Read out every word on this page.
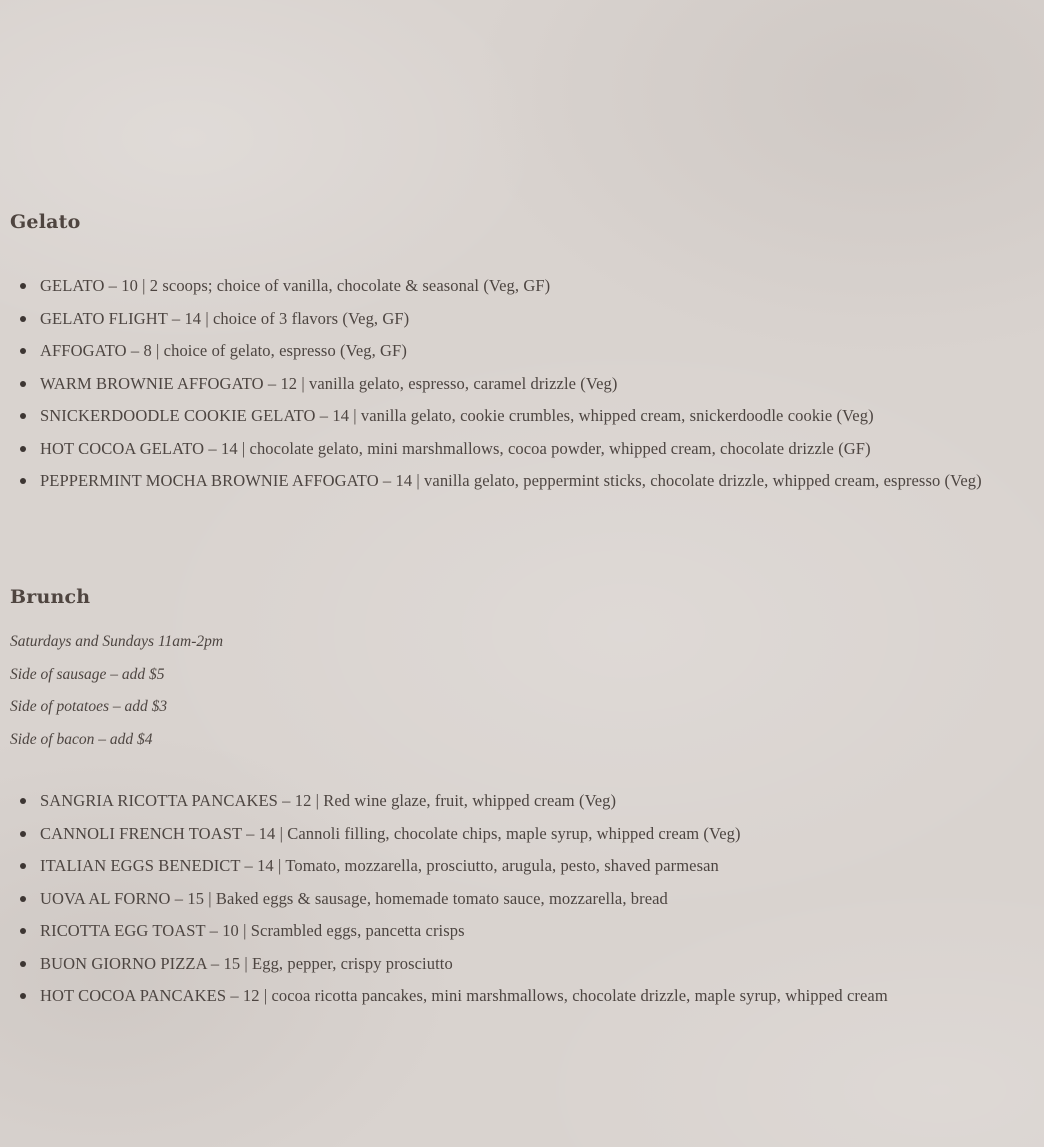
Gelato
GELATO – 10 | 2 scoops; choice of vanilla, chocolate & seasonal (Veg, GF)
GELATO FLIGHT – 14 | choice of 3 flavors (Veg, GF)
AFFOGATO – 8 | choice of gelato, espresso (Veg, GF)
WARM BROWNIE AFFOGATO – 12 | vanilla gelato, espresso, caramel drizzle (Veg)
SNICKERDOODLE COOKIE GELATO – 14 | vanilla gelato, cookie crumbles, whipped cream, snickerdoodle cookie (Veg)
HOT COCOA GELATO – 14 | chocolate gelato, mini marshmallows, cocoa powder, whipped cream, chocolate drizzle (GF)
PEPPERMINT MOCHA BROWNIE AFFOGATO – 14 | vanilla gelato, peppermint sticks, chocolate drizzle, whipped cream, espresso (Veg)
Brunch

Saturdays and Sundays 11am-2pm

Side of sausage – add $5

Side of potatoes – add $3

Side of bacon – add $4

SANGRIA RICOTTA PANCAKES – 12 | Red wine glaze, fruit, whipped cream (Veg)
CANNOLI FRENCH TOAST – 14 | Cannoli filling, chocolate chips, maple syrup, whipped cream (Veg)
ITALIAN EGGS BENEDICT – 14 | Tomato, mozzarella, prosciutto, arugula, pesto, shaved parmesan
UOVA AL FORNO – 15 | Baked eggs & sausage, homemade tomato sauce, mozzarella, bread
RICOTTA EGG TOAST – 10 | Scrambled eggs, pancetta crisps
BUON GIORNO PIZZA – 15 | Egg, pepper, crispy prosciutto
HOT COCOA PANCAKES – 12 | cocoa ricotta pancakes, mini marshmallows, chocolate drizzle, maple syrup, whipped cream
